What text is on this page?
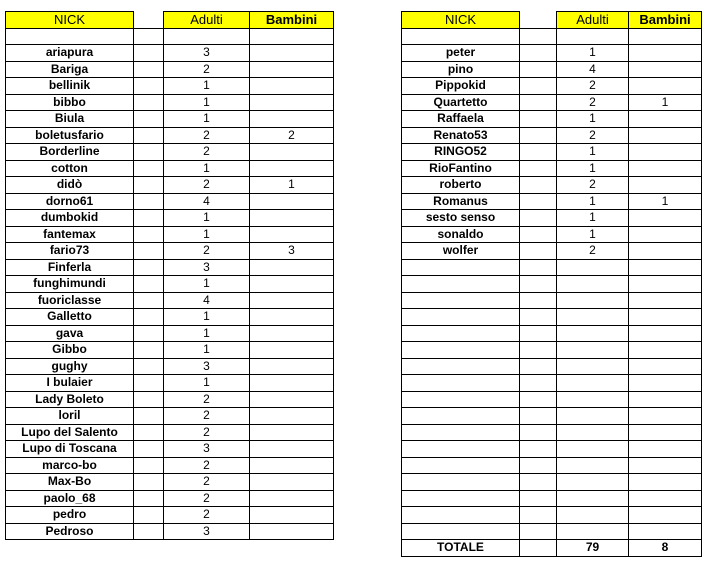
NICK		Adulti	Bambini

ariapura		3	
Bariga		2	
bellinik		1	
bibbo		1	
Biula		1	
boletusfario		2	2
Borderline		2	
cotton		1	
didò		2	1
dorno61		4	
dumbokid		1	
fantemax		1	
fario73		2	3
Finferla		3	
funghimundi		1	
fuoriclasse		4	
Galletto		1	
gava		1	
Gibbo		1	
gughy		3	
I bulaier		1	
Lady Boleto		2	
loril		2	
Lupo del Salento		2	
Lupo di Toscana		3	
marco-bo		2	
Max-Bo		2	
paolo_68		2	
pedro		2	
Pedroso		3	
NICK		Adulti	Bambini

peter		1	
pino		4	
Pippokid		2	
Quartetto		2	1
Raffaela		1	
Renato53		2	
RINGO52		1	
RioFantino		1	
roberto		2	
Romanus		1	1
sesto senso		1	
sonaldo		1	
wolfer		2	

TOTALE		79	8
